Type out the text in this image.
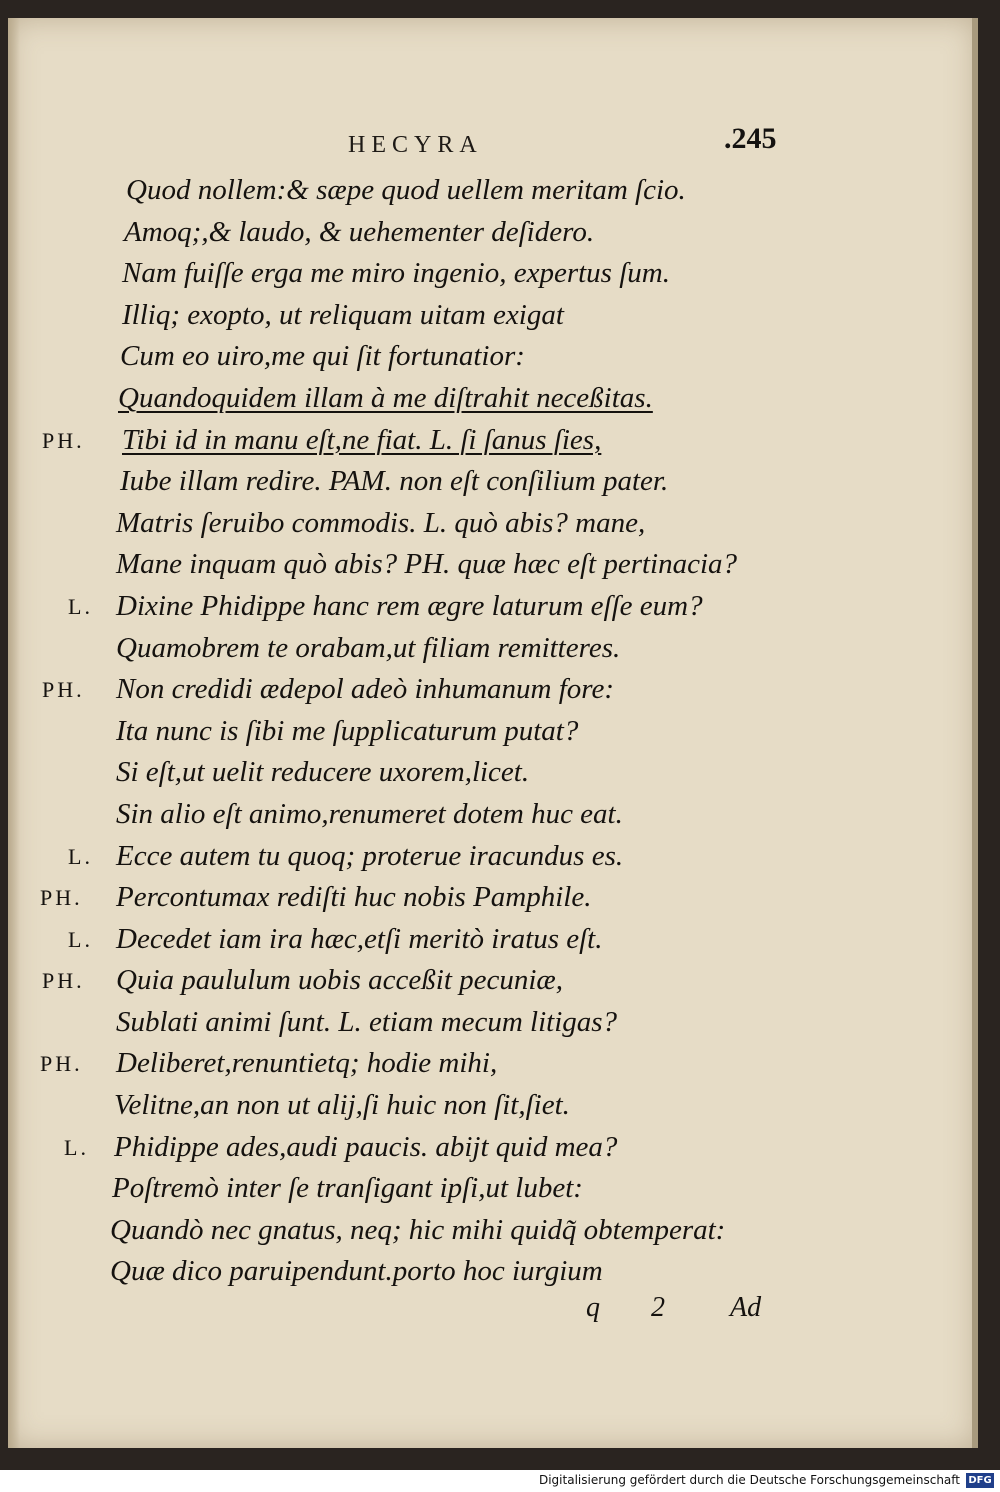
HECYRA	.245
Quod nollem:& sæpe quod uellem meritam ſcio.
Amoq;,& laudo, & uehementer deſidero.
Nam fuiſſe erga me miro ingenio, expertus ſum.
Illiq; exopto, ut reliquam uitam exigat
Cum eo uiro,me qui ſit fortunatior:
Quandoquidem illam à me diſtrahit neceßitas.
PH. Tibi id in manu eſt,ne fiat. L. ſi ſanus ſies,
Iube illam redire. PAM. non eſt conſilium pater.
Matris ſeruibo commodis. L. quò abis? mane,
Mane inquam quò abis? PH. quæ hæc eſt pertinacia?
L. Dixine Phidippe hanc rem ægre laturum eſſe eum?
Quamobrem te orabam,ut filiam remitteres.
PH. Non credidi ædepol adeò inhumanum fore:
Ita nunc is ſibi me ſupplicaturum putat?
Si eſt,ut uelit reducere uxorem,licet.
Sin alio eſt animo,renumeret dotem huc eat.
L. Ecce autem tu quoq; proterue iracundus es.
PH. Percontumax rediſti huc nobis Pamphile.
L. Decedet iam ira hæc,etſi meritò iratus eſt.
PH. Quia paululum uobis acceßit pecuniæ,
Sublati animi ſunt. L. etiam mecum litigas?
PH. Deliberet,renuntietq; hodie mihi,
Velitne,an non ut alij,ſi huic non ſit,ſiet.
L. Phidippe ades,audi paucis. abijt quid mea?
Poſtremò inter ſe tranſigant ipſi,ut lubet:
Quandò nec gnatus, neq; hic mihi quidq̃ obtemperat:
Quæ dico paruipendunt.porto hoc iurgium
q 2 Ad
Digitalisierung gefördert durch die Deutsche Forschungsgemeinschaft DFG
